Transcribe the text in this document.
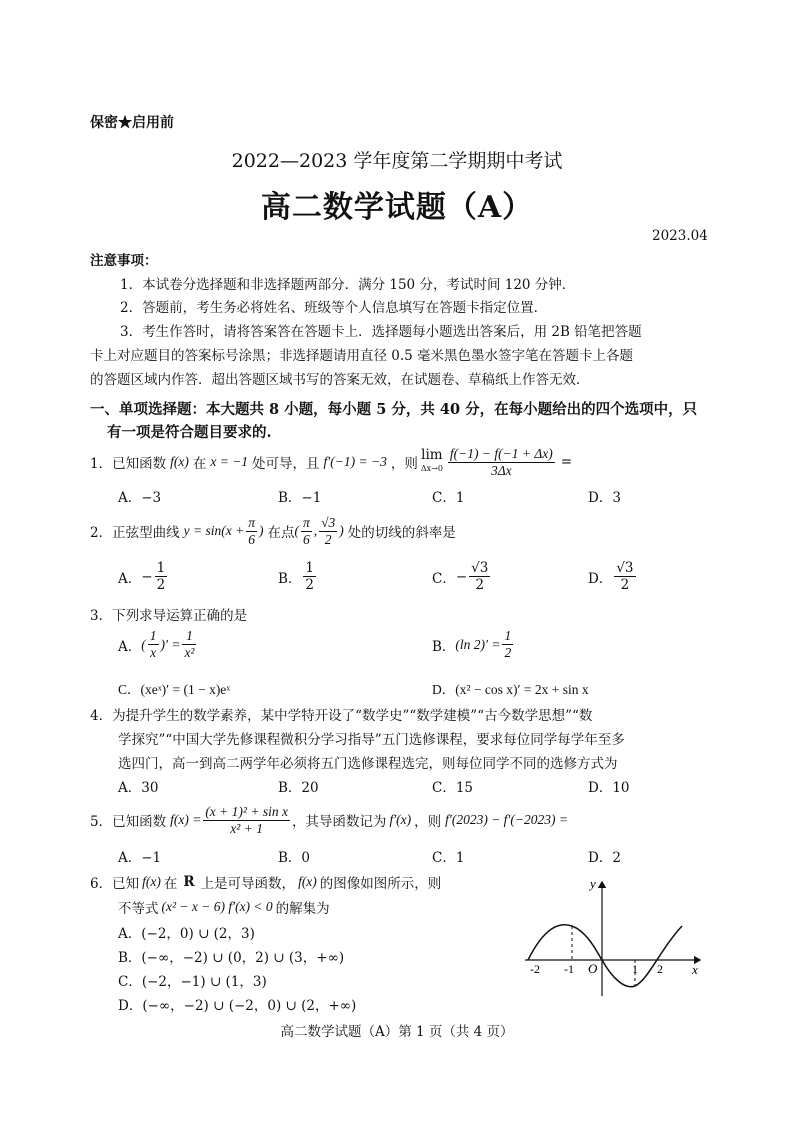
保密★启用前
2022—2023 学年度第二学期期中考试
高二数学试题（A）
2023.04
注意事项：
1．本试卷分选择题和非选择题两部分．满分 150 分，考试时间 120 分钟．
2．答题前，考生务必将姓名、班级等个人信息填写在答题卡指定位置．
3．考生作答时，请将答案答在答题卡上．选择题每小题选出答案后，用 2B 铅笔把答题
卡上对应题目的答案标号涂黑；非选择题请用直径 0.5 毫米黑色墨水签字笔在答题卡上各题
的答题区域内作答．超出答题区域书写的答案无效，在试题卷、草稿纸上作答无效．
一、单项选择题：本大题共 8 小题，每小题 5 分，共 40 分，在每小题给出的四个选项中，只
有一项是符合题目要求的.
1．已知函数 f(x) 在 x = −1 处可导，且 f′(−1) = −3 ，则
lim
$\Delta x\to 0 \frac{f(-1) - f(-1 + \Delta x)}{3\Delta x}$ =
A．−3	B．−1	C．1	D．3
2．正弦型曲线 $y = \sin(x + \frac{\pi}{6}$ ) 在点 ( $\frac{\pi}{6}$ , $\frac{√3}{2}$ ) 处的切线的斜率是
A． − $\frac{1}{2}$	B． $\frac{1}{2}$	C． − $\frac{√3}{2}$	D． $\frac{√3}{2}$
3．下列求导运算正确的是
A． ( $\frac{1}{x}$ )′ = $\frac{1}{\text{x²}}$	B． (ln $2)' = \frac{1}{2}$
C．(xeˣ)′ = (1 − x)eˣ	D．(x² − cos x)′ = 2x + sin x
4．为提升学生的数学素养，某中学特开设了“数学史”“数学建模”“古今数学思想”“数
学探究”“中国大学先修课程微积分学习指导”五门选修课程，要求每位同学每学年至多
选四门，高一到高二两学年必须将五门选修课程选完，则每位同学不同的选修方式为
A．30	B．20	C．15	D．10
5．已知函数 $f(x) = \frac{\text{(x + 1)² + sin x}}{\text{x² + 1}}$ ，其导函数记为 f′(x) ，则 f′(2023) − f′(−2023) =
A．−1	B．0	C．1	D．2
6．已知 f(x) 在 R 上是可导函数， f(x) 的图像如图所示，则
不等式 (x² − x − 6) f′(x) < 0 的解集为
A．(−2，0) ∪ (2，3)
B．(−∞，−2) ∪ (0，2) ∪ (3，+∞)
C．(−2，−1) ∪ (1，3)
D．(−∞，−2) ∪ (−2，0) ∪ (2，+∞)
y
x
O
-2 -1	1 2
高二数学试题（A）第 1 页（共 4 页）
